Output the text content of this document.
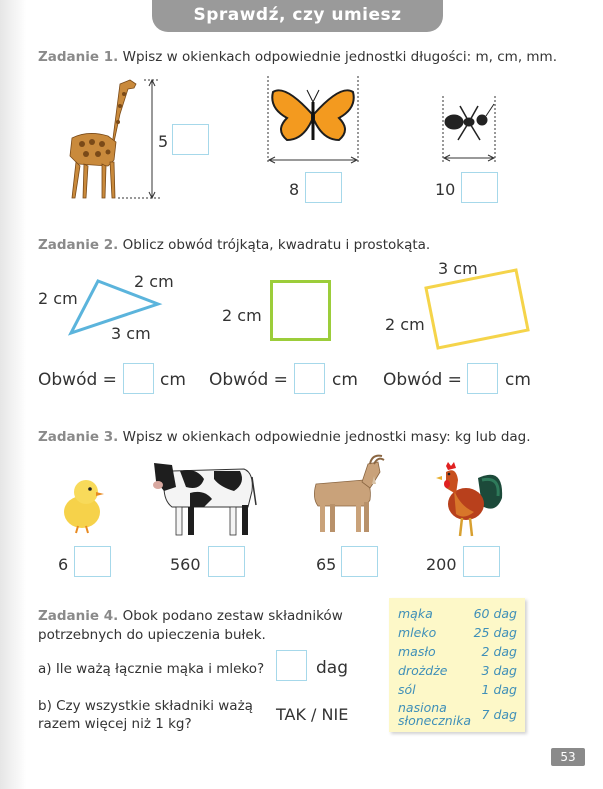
Sprawdź, czy umiesz
Zadanie 1. Wpisz w okienkach odpowiednie jednostki długości: m, cm, mm.
5
8	10
Zadanie 2. Oblicz obwód trójkąta, kwadratu i prostokąta.
2 cm
2 cm
3 cm
2 cm
3 cm
2 cm
Obwód =	cm Obwód =	cm Obwód =	cm
Zadanie 3. Wpisz w okienkach odpowiednie jednostki masy: kg lub dag.
6	560	65	200
Zadanie 4. Obok podano zestaw składników
potrzebnych do upieczenia bułek.
a) Ile ważą łącznie mąka i mleko?	dag
b) Czy wszystkie składniki ważą
razem więcej niż 1 kg?	TAK / NIE
mąka	60 dag
mleko	25 dag
masło	2 dag
drożdże	3 dag
sól	1 dag
nasiona słonecznika 7 dag
53
